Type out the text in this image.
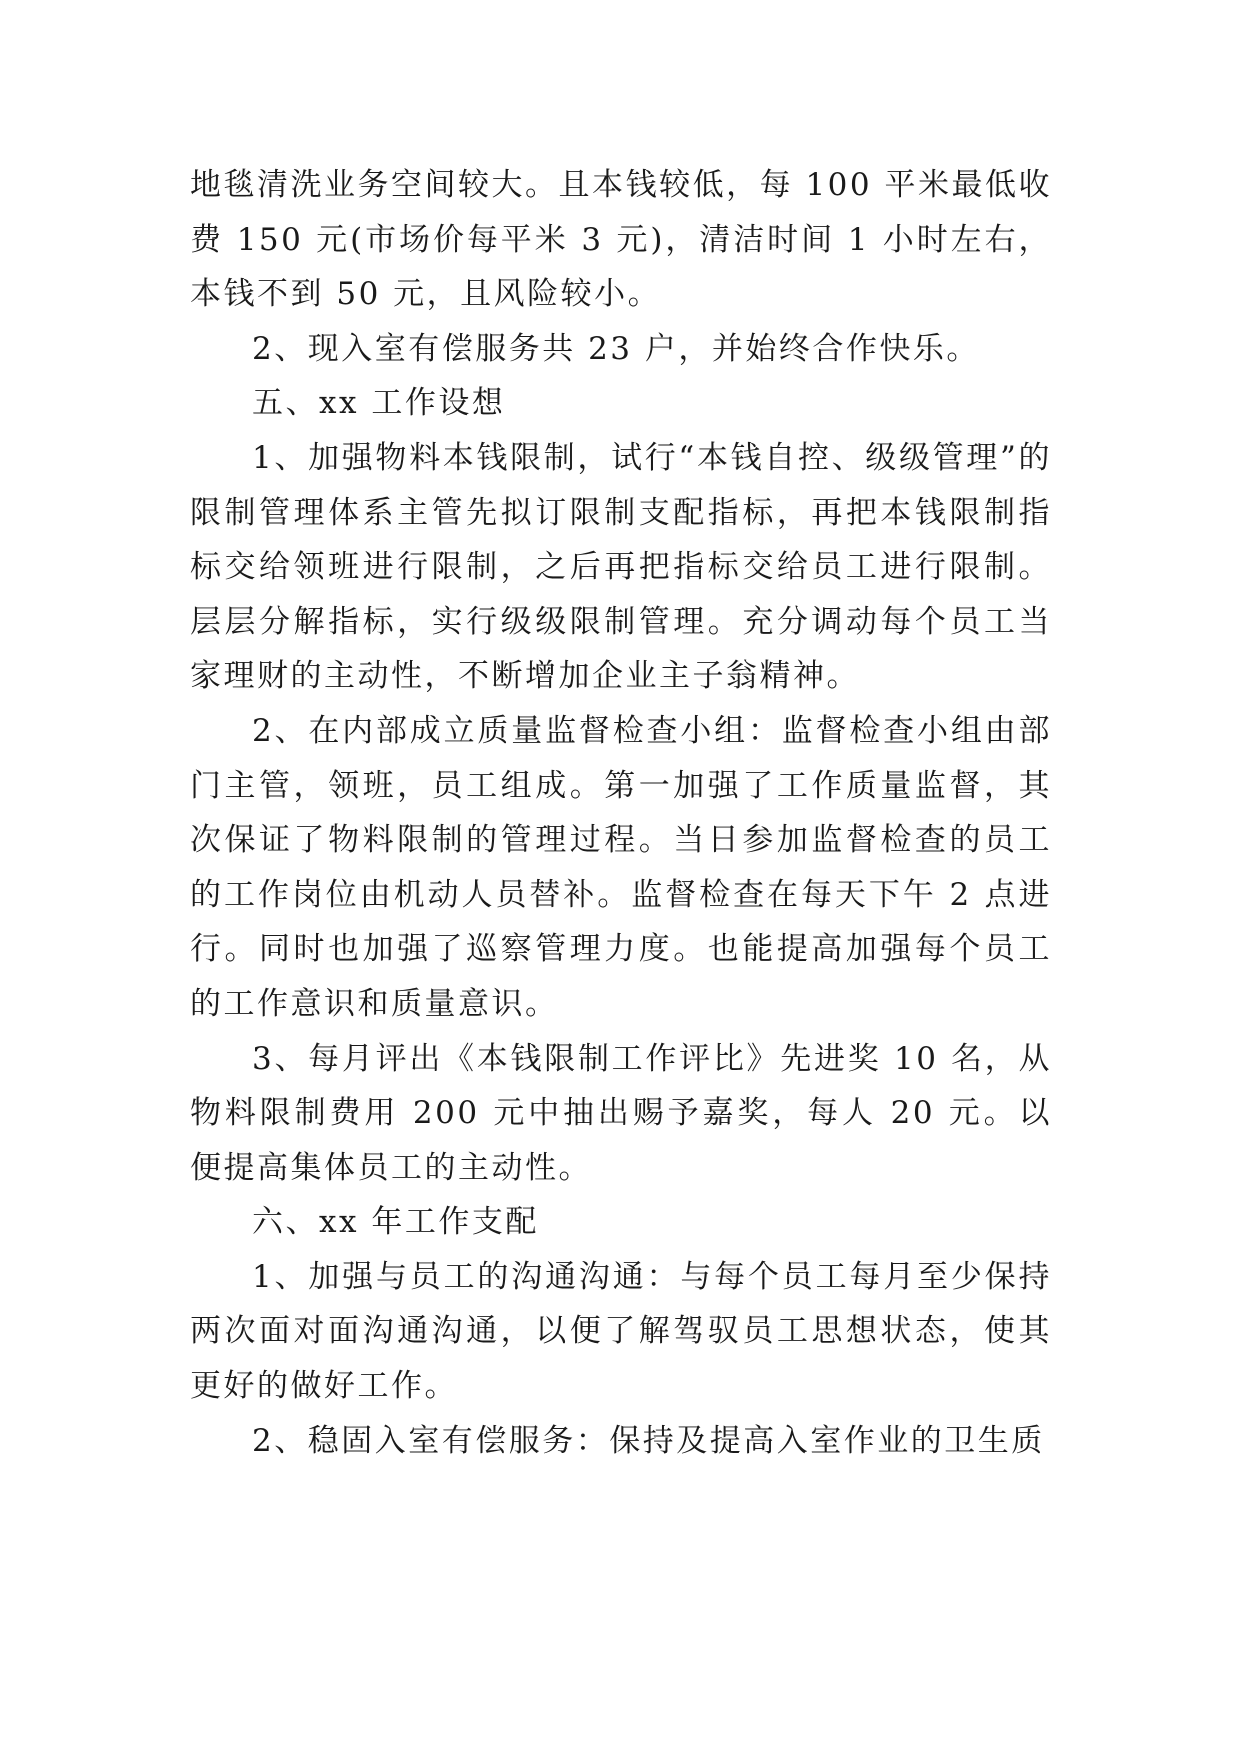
地毯清洗业务空间较大。且本钱较低，每 100 平米最低收费 150 元(市场价每平米 3 元)，清洁时间 1 小时左右，本钱不到 50 元，且风险较小。

2、现入室有偿服务共 23 户，并始终合作快乐。

五、xx 工作设想

1、加强物料本钱限制，试行“本钱自控、级级管理”的限制管理体系主管先拟订限制支配指标，再把本钱限制指标交给领班进行限制，之后再把指标交给员工进行限制。层层分解指标，实行级级限制管理。充分调动每个员工当家理财的主动性，不断增加企业主子翁精神。

2、在内部成立质量监督检查小组：监督检查小组由部门主管，领班，员工组成。第一加强了工作质量监督，其次保证了物料限制的管理过程。当日参加监督检查的员工的工作岗位由机动人员替补。监督检查在每天下午 2 点进行。同时也加强了巡察管理力度。也能提高加强每个员工的工作意识和质量意识。

3、每月评出《本钱限制工作评比》先进奖 10 名，从物料限制费用 200 元中抽出赐予嘉奖，每人 20 元。以便提高集体员工的主动性。

六、xx 年工作支配

1、加强与员工的沟通沟通：与每个员工每月至少保持两次面对面沟通沟通，以便了解驾驭员工思想状态，使其更好的做好工作。

2、稳固入室有偿服务：保持及提高入室作业的卫生质
